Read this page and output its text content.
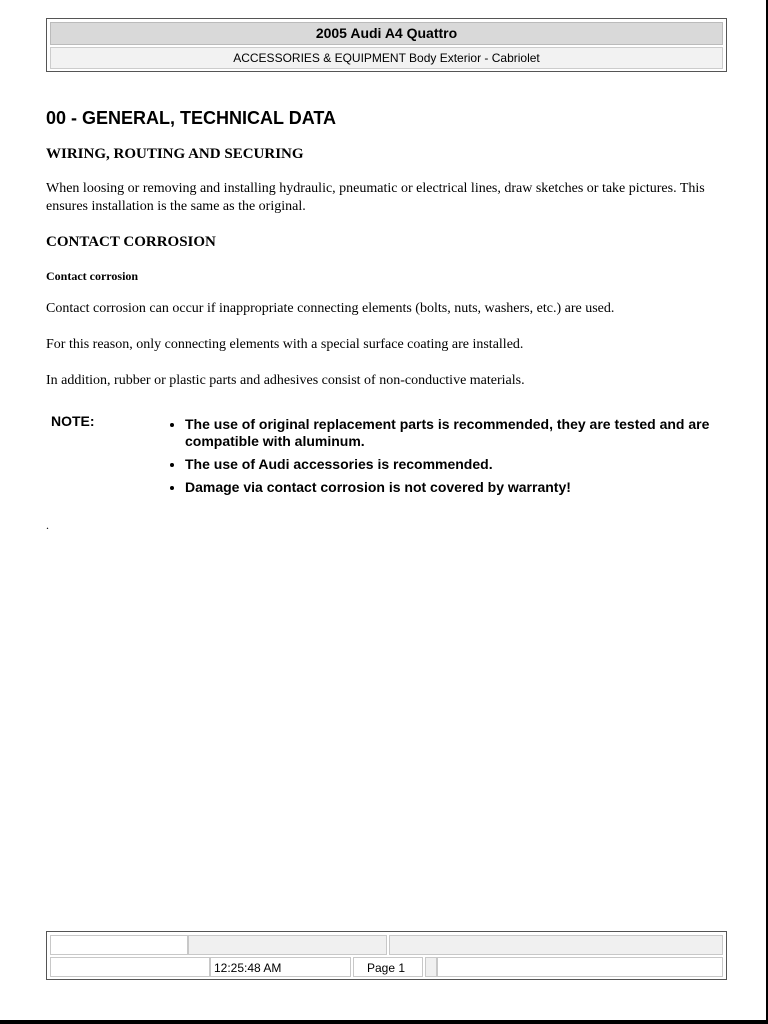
2005 Audi A4 Quattro
ACCESSORIES & EQUIPMENT Body Exterior - Cabriolet
00 - GENERAL, TECHNICAL DATA
WIRING, ROUTING AND SECURING

When loosing or removing and installing hydraulic, pneumatic or electrical lines, draw sketches or take pictures. This ensures installation is the same as the original.

CONTACT CORROSION
Contact corrosion

Contact corrosion can occur if inappropriate connecting elements (bolts, nuts, washers, etc.) are used.

For this reason, only connecting elements with a special surface coating are installed.

In addition, rubber or plastic parts and adhesives consist of non-conductive materials.

NOTE:
•	The use of original replacement parts is recommended, they are tested and are compatible with aluminum.
• The use of Audi accessories is recommended.
• Damage via contact corrosion is not covered by warranty!
.
12:25:48 AM	Page 1
